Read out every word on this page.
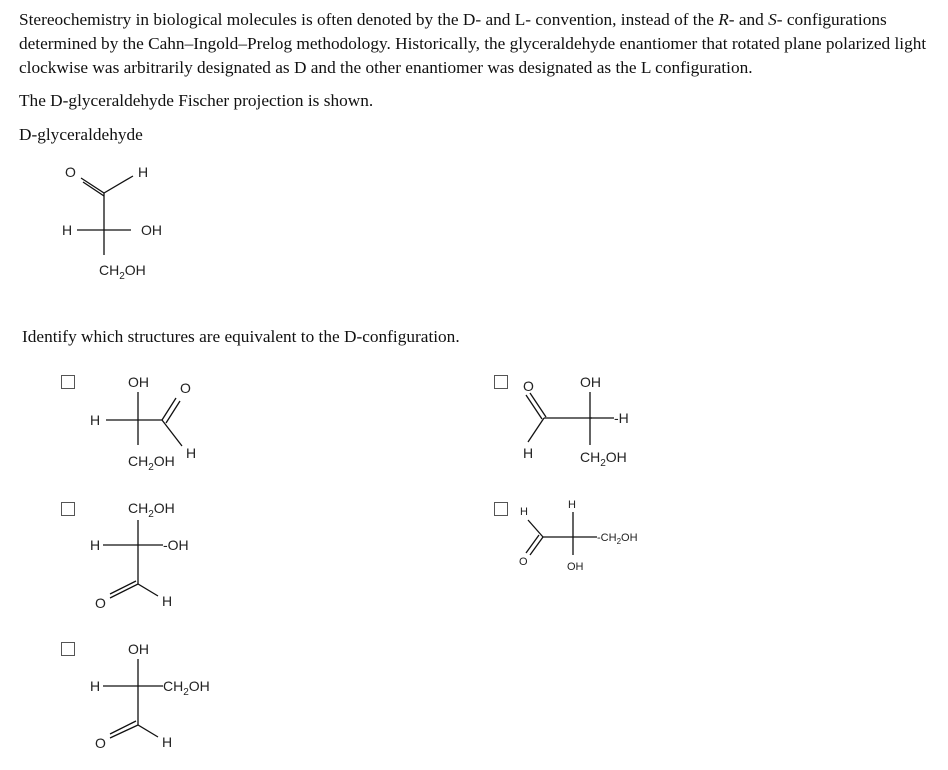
Stereochemistry in biological molecules is often denoted by the D- and L- convention, instead of the R- and S- configurations determined by the Cahn–Ingold–Prelog methodology. Historically, the glyceraldehyde enantiomer that rotated plane polarized light clockwise was arbitrarily designated as D and the other enantiomer was designated as the L configuration.

The D-glyceraldehyde Fischer projection is shown.
D-glyceraldehyde
O	H
H	OH
$CH_2OH$
Identify which structures are equivalent to the D-configuration.
OH
H
O
H
$CH_2OH$
O
H
OH
-H
$CH_2OH$
$CH_2OH$
H	-OH
O	H
H
O
H
$-CH_2OH$
OH
OH
H	$CH_2OH$
O	H
